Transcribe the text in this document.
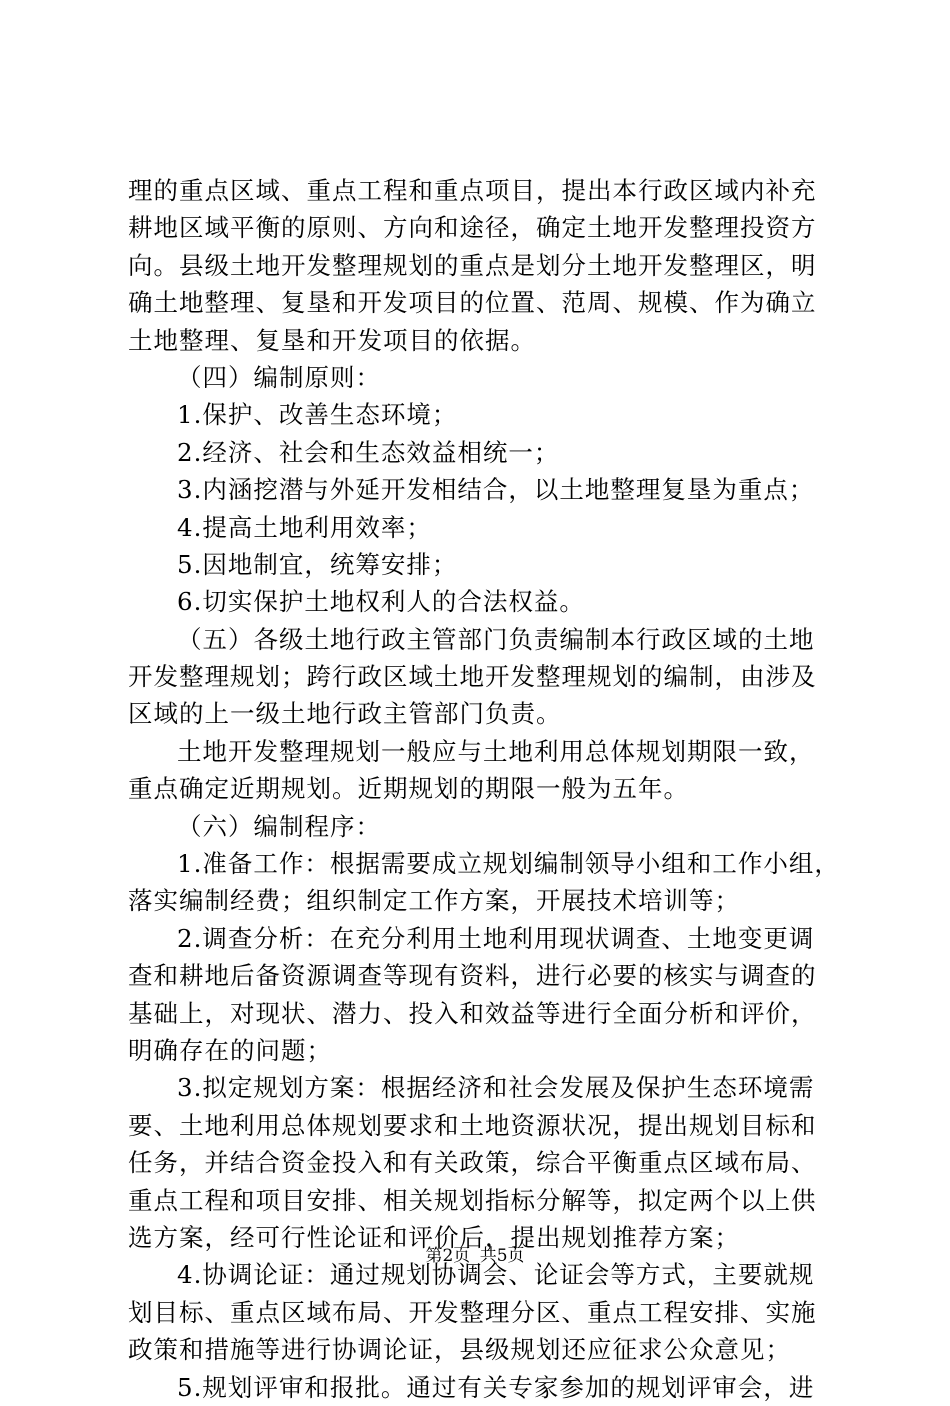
理的重点区域、重点工程和重点项目，提出本行政区域内补充
耕地区域平衡的原则、方向和途径，确定土地开发整理投资方
向。县级土地开发整理规划的重点是划分土地开发整理区，明
确土地整理、复垦和开发项目的位置、范周、规模、作为确立
土地整理、复垦和开发项目的依据。
（四）编制原则：
1.保护、改善生态环境；
2.经济、社会和生态效益相统一；
3.内涵挖潜与外延开发相结合，以土地整理复垦为重点；
4.提高土地利用效率；
5.因地制宜，统筹安排；
6.切实保护土地权利人的合法权益。
（五）各级土地行政主管部门负责编制本行政区域的土地
开发整理规划；跨行政区域土地开发整理规划的编制，由涉及
区域的上一级土地行政主管部门负责。
土地开发整理规划一般应与土地利用总体规划期限一致，
重点确定近期规划。近期规划的期限一般为五年。
（六）编制程序：
1.准备工作：根据需要成立规划编制领导小组和工作小组，
落实编制经费；组织制定工作方案，开展技术培训等；
2.调查分析：在充分利用土地利用现状调查、土地变更调
查和耕地后备资源调查等现有资料，进行必要的核实与调查的
基础上，对现状、潜力、投入和效益等进行全面分析和评价，
明确存在的问题；
3.拟定规划方案：根据经济和社会发展及保护生态环境需
要、土地利用总体规划要求和土地资源状况，提出规划目标和
任务，并结合资金投入和有关政策，综合平衡重点区域布局、
重点工程和项目安排、相关规划指标分解等，拟定两个以上供
选方案，经可行性论证和评价后，提出规划推荐方案；
4.协调论证：通过规划协调会、论证会等方式，主要就规
划目标、重点区域布局、开发整理分区、重点工程安排、实施
政策和措施等进行协调论证，县级规划还应征求公众意见；
5.规划评审和报批。通过有关专家参加的规划评审会，进
第2页 共5页
